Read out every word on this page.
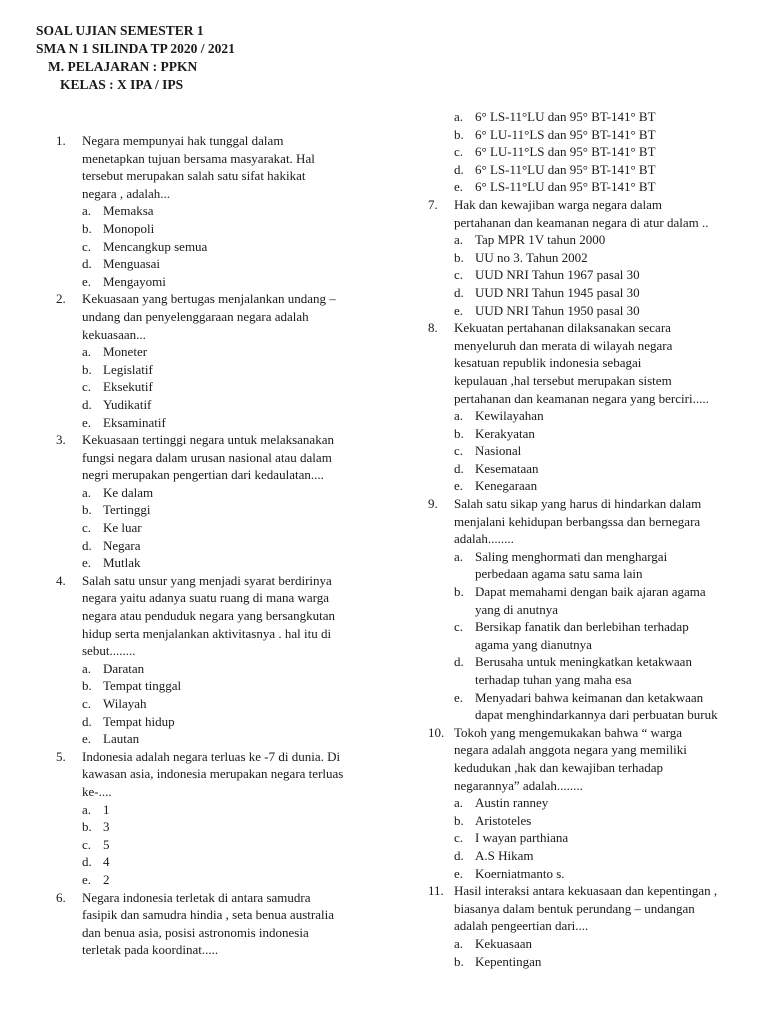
SOAL UJIAN SEMESTER 1
SMA N 1 SILINDA TP 2020 / 2021
M. PELAJARAN : PPKN
KELAS : X IPA / IPS
1. Negara mempunyai hak tunggal dalam
menetapkan tujuan bersama masyarakat. Hal
tersebut merupakan salah satu sifat hakikat
negara , adalah...
a. Memaksa
b. Monopoli
c. Mencangkup semua
d. Menguasai
e. Mengayomi
2. Kekuasaan yang bertugas menjalankan undang –
undang dan penyelenggaraan negara adalah
kekuasaan...
a. Moneter
b. Legislatif
c. Eksekutif
d. Yudikatif
e. Eksaminatif
3. Kekuasaan tertinggi negara untuk melaksanakan
fungsi negara dalam urusan nasional atau dalam
negri merupakan pengertian dari kedaulatan....
a. Ke dalam
b. Tertinggi
c. Ke luar
d. Negara
e. Mutlak
4. Salah satu unsur yang menjadi syarat berdirinya
negara yaitu adanya suatu ruang di mana warga
negara atau penduduk negara yang bersangkutan
hidup serta menjalankan aktivitasnya . hal itu di
sebut........
a. Daratan
b. Tempat tinggal
c. Wilayah
d. Tempat hidup
e. Lautan
5. Indonesia adalah negara terluas ke -7 di dunia. Di
kawasan asia, indonesia merupakan negara terluas
ke-....
a. 1
b. 3
c. 5
d. 4
e. 2
6. Negara indonesia terletak di antara samudra
fasipik dan samudra hindia , seta benua australia
dan benua asia, posisi astronomis indonesia
terletak pada koordinat.....
a. 6° LS-11°LU dan 95° BT-141° BT
b. 6° LU-11°LS dan 95° BT-141° BT
c. 6° LU-11°LS dan 95° BT-141° BT
d. 6° LS-11°LU dan 95° BT-141° BT
e. 6° LS-11°LU dan 95° BT-141° BT
7. Hak dan kewajiban warga negara dalam
pertahanan dan keamanan negara di atur dalam ..
a. Tap MPR 1V tahun 2000
b. UU no 3. Tahun 2002
c. UUD NRI Tahun 1967 pasal 30
d. UUD NRI Tahun 1945 pasal 30
e. UUD NRI Tahun 1950 pasal 30
8. Kekuatan pertahanan dilaksanakan secara
menyeluruh dan merata di wilayah negara
kesatuan republik indonesia sebagai
kepulauan ,hal tersebut merupakan sistem
pertahanan dan keamanan negara yang berciri.....
a. Kewilayahan
b. Kerakyatan
c. Nasional
d. Kesemataan
e. Kenegaraan
9. Salah satu sikap yang harus di hindarkan dalam
menjalani kehidupan berbangssa dan bernegara
adalah........
a. Saling menghormati dan menghargai
perbedaan agama satu sama lain
b. Dapat memahami dengan baik ajaran agama
yang di anutnya
c. Bersikap fanatik dan berlebihan terhadap
agama yang dianutnya
d. Berusaha untuk meningkatkan ketakwaan
terhadap tuhan yang maha esa
e. Menyadari bahwa keimanan dan ketakwaan
dapat menghindarkannya dari perbuatan buruk
10. Tokoh yang mengemukakan bahwa “ warga
negara adalah anggota negara yang memiliki
kedudukan ,hak dan kewajiban terhadap
negarannya” adalah........
a. Austin ranney
b. Aristoteles
c. I wayan parthiana
d. A.S Hikam
e. Koerniatmanto s.
11. Hasil interaksi antara kekuasaan dan kepentingan ,
biasanya dalam bentuk perundang – undangan
adalah pengeertian dari....
a. Kekuasaan
b. Kepentingan
